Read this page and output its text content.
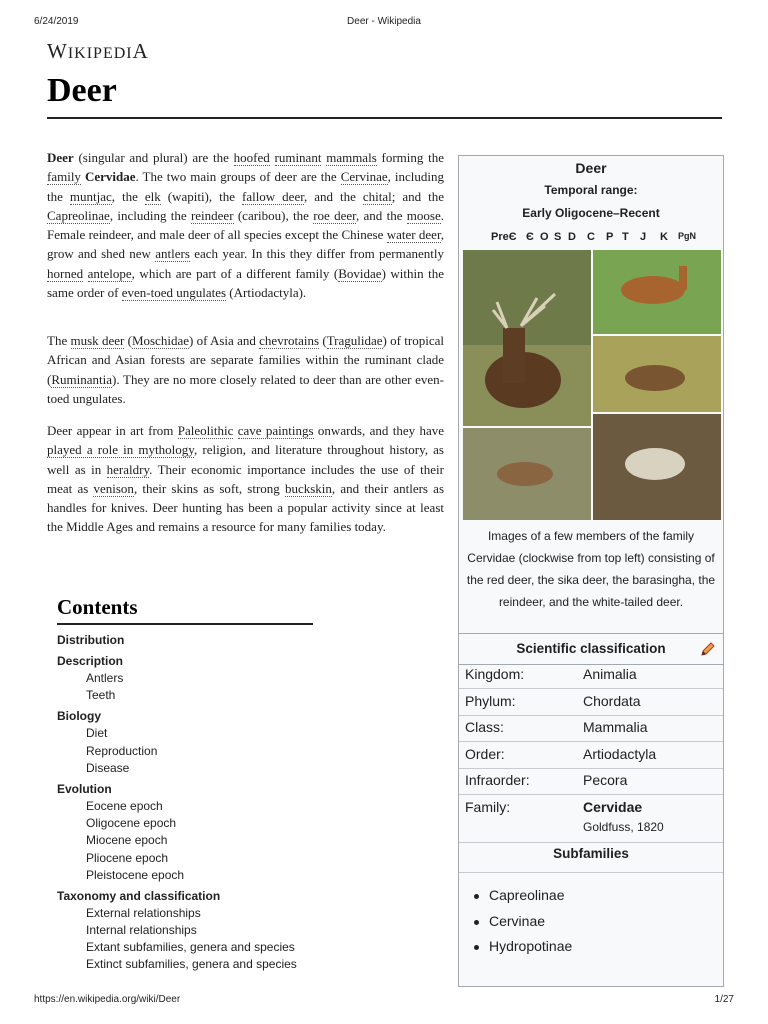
6/24/2019	Deer - Wikipedia
https://en.wikipedia.org/wiki/Deer	1/27
WIKIPEDIA
Deer

Deer (singular and plural) are the hoofed ruminant mammals forming the family Cervidae. The two main groups of deer are the Cervinae, including the muntjac, the elk (wapiti), the fallow deer, and the chital; and the Capreolinae, including the reindeer (caribou), the roe deer, and the moose. Female reindeer, and male deer of all species except the Chinese water deer, grow and shed new antlers each year. In this they differ from permanently horned antelope, which are part of a different family (Bovidae) within the same order of even-toed ungulates (Artiodactyla).

The musk deer (Moschidae) of Asia and chevrotains (Tragulidae) of tropical African and Asian forests are separate families within the ruminant clade (Ruminantia). They are no more closely related to deer than are other even-toed ungulates.

Deer appear in art from Paleolithic cave paintings onwards, and they have played a role in mythology, religion, and literature throughout history, as well as in heraldry. Their economic importance includes the use of their meat as venison, their skins as soft, strong buckskin, and their antlers as handles for knives. Deer hunting has been a popular activity since at least the Middle Ages and remains a resource for many families today.

Contents
Distribution
Description
Antlers
Teeth
Biology
Diet
Reproduction
Disease
Evolution
Eocene epoch
Oligocene epoch
Miocene epoch
Pliocene epoch
Pleistocene epoch
Taxonomy and classification
External relationships
Internal relationships
Extant subfamilies, genera and species
Extinct subfamilies, genera and species
Deer
Temporal range:
Early Oligocene–Recent
PreЄ Є O S D C P T J K PgN
Images of a few members of the family Cervidae (clockwise from top left) consisting of the red deer, the sika deer, the barasingha, the reindeer, and the white-tailed deer.
Scientific classification
Kingdom:	Animalia
Phylum:	Chordata
Class:	Mammalia
Order:	Artiodactyla
Infraorder:	Pecora
Family:	Cervidae
Goldfuss, 1820
Subfamilies
Capreolinae
Cervinae
Hydropotinae
